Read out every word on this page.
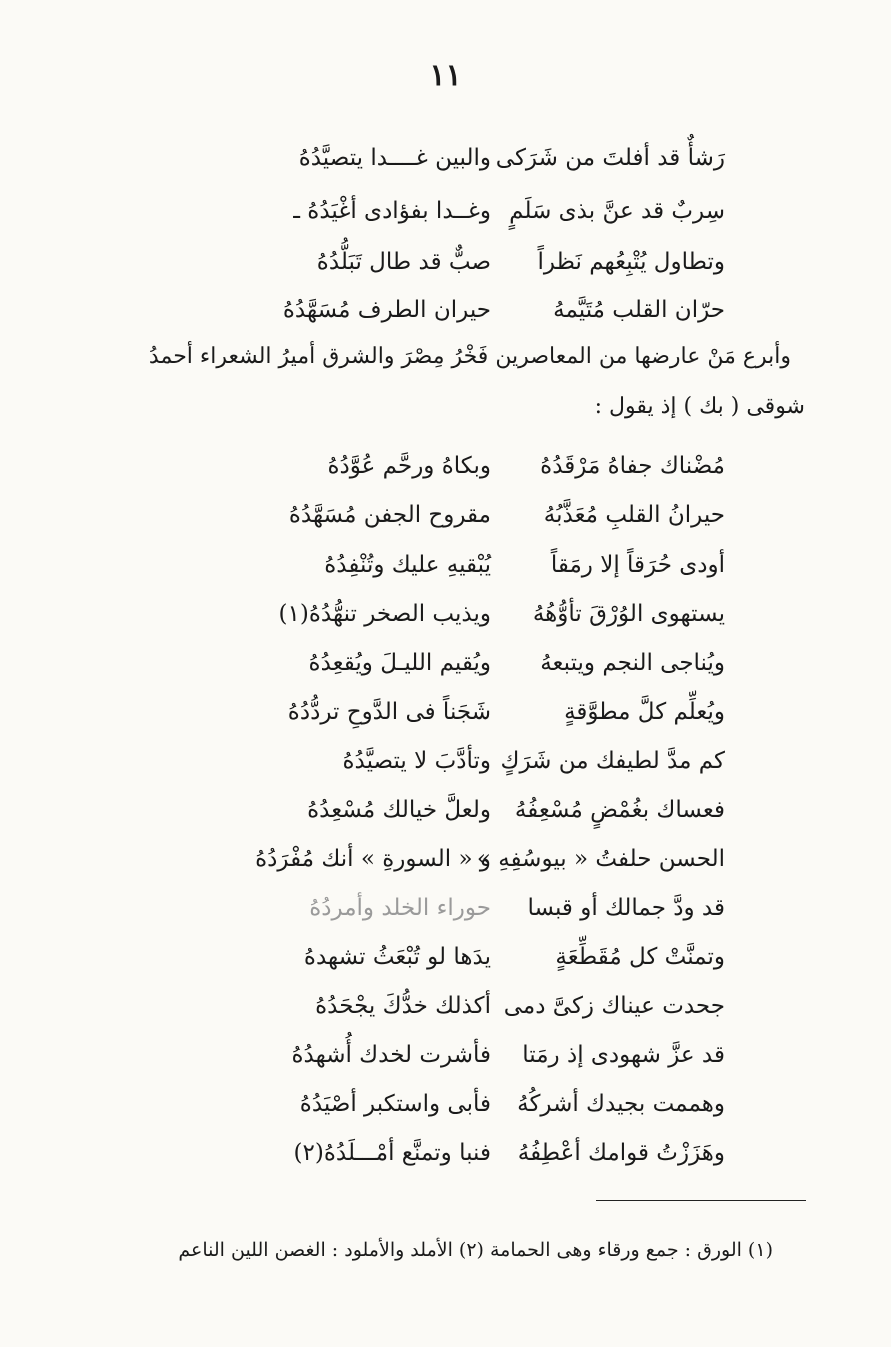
١١
رَشأٌ قد أفلتَ من شَرَكى
والبين غــــدا يتصيَّدُهُ
سِربٌ قد عنَّ بذى سَلَمٍ
وغــدا بفؤادى أغْيَدُهُ ـ
وتطاول يُتْبِعُهم نَظراً
صبٌّ قد طال تَبَلُّدُهُ
حرّان القلب مُتَيَّمهُ
حيران الطرف مُسَهَّدُهُ
وأبرع مَنْ عارضها من المعاصرين فَخْرُ مِصْرَ والشرق أميرُ الشعراء أحمدُ
شوقى ( بك ) إذ يقول :
مُضْناك جفاهُ مَرْقَدُهُ
وبكاهُ ورحَّم عُوَّدُهُ
حيرانُ القلبِ مُعَذَّبُهُ
مقروح الجفن مُسَهَّدُهُ
أودى حُرَقاً إلا رمَقاً
يُبْقيهِ عليك وتُنْفِدُهُ
يستهوى الوُرْقَ تأوُّهُهُ
ويذيب الصخر تنهُّدُهُ(١)
ويُناجى النجم ويتبعهُ
ويُقيم الليـلَ ويُقعِدُهُ
ويُعلِّم كلَّ مطوَّقةٍ
شَجَناً فى الدَّوحِ تردُّدُهُ
كم مدَّ لطيفك من شَرَكٍ
وتأدَّبَ لا يتصيَّدُهُ
فعساك بغُمْضٍ مُسْعِفُهُ
ولعلَّ خيالك مُسْعِدُهُ
الحسن حلفتُ « بيوسُفِهِ »
و « السورةِ » أنك مُفْرَدُهُ
قد ودَّ جمالك أو قبسا
حوراء الخلد وأمردُهُ
وتمنَّتْ كل مُقَطِّعَةٍ
يدَها لو تُبْعَثُ تشهدهُ
جحدت عيناك زكىَّ دمى
أكذلك خدُّكَ يجْحَدُهُ
قد عزَّ شهودى إذ رمَتا
فأشرت لخدك أُشهدُهُ
وهممت بجيدك أشركُهُ
فأبى واستكبر أصْيَدُهُ
وهَزَزْتُ قوامك أعْطِفُهُ
فنبا وتمنَّع أمْـــلَدُهُ(٢)
(١) الورق : جمع ورقاء وهى الحمامة (٢) الأملد والأملود : الغصن اللين الناعم
